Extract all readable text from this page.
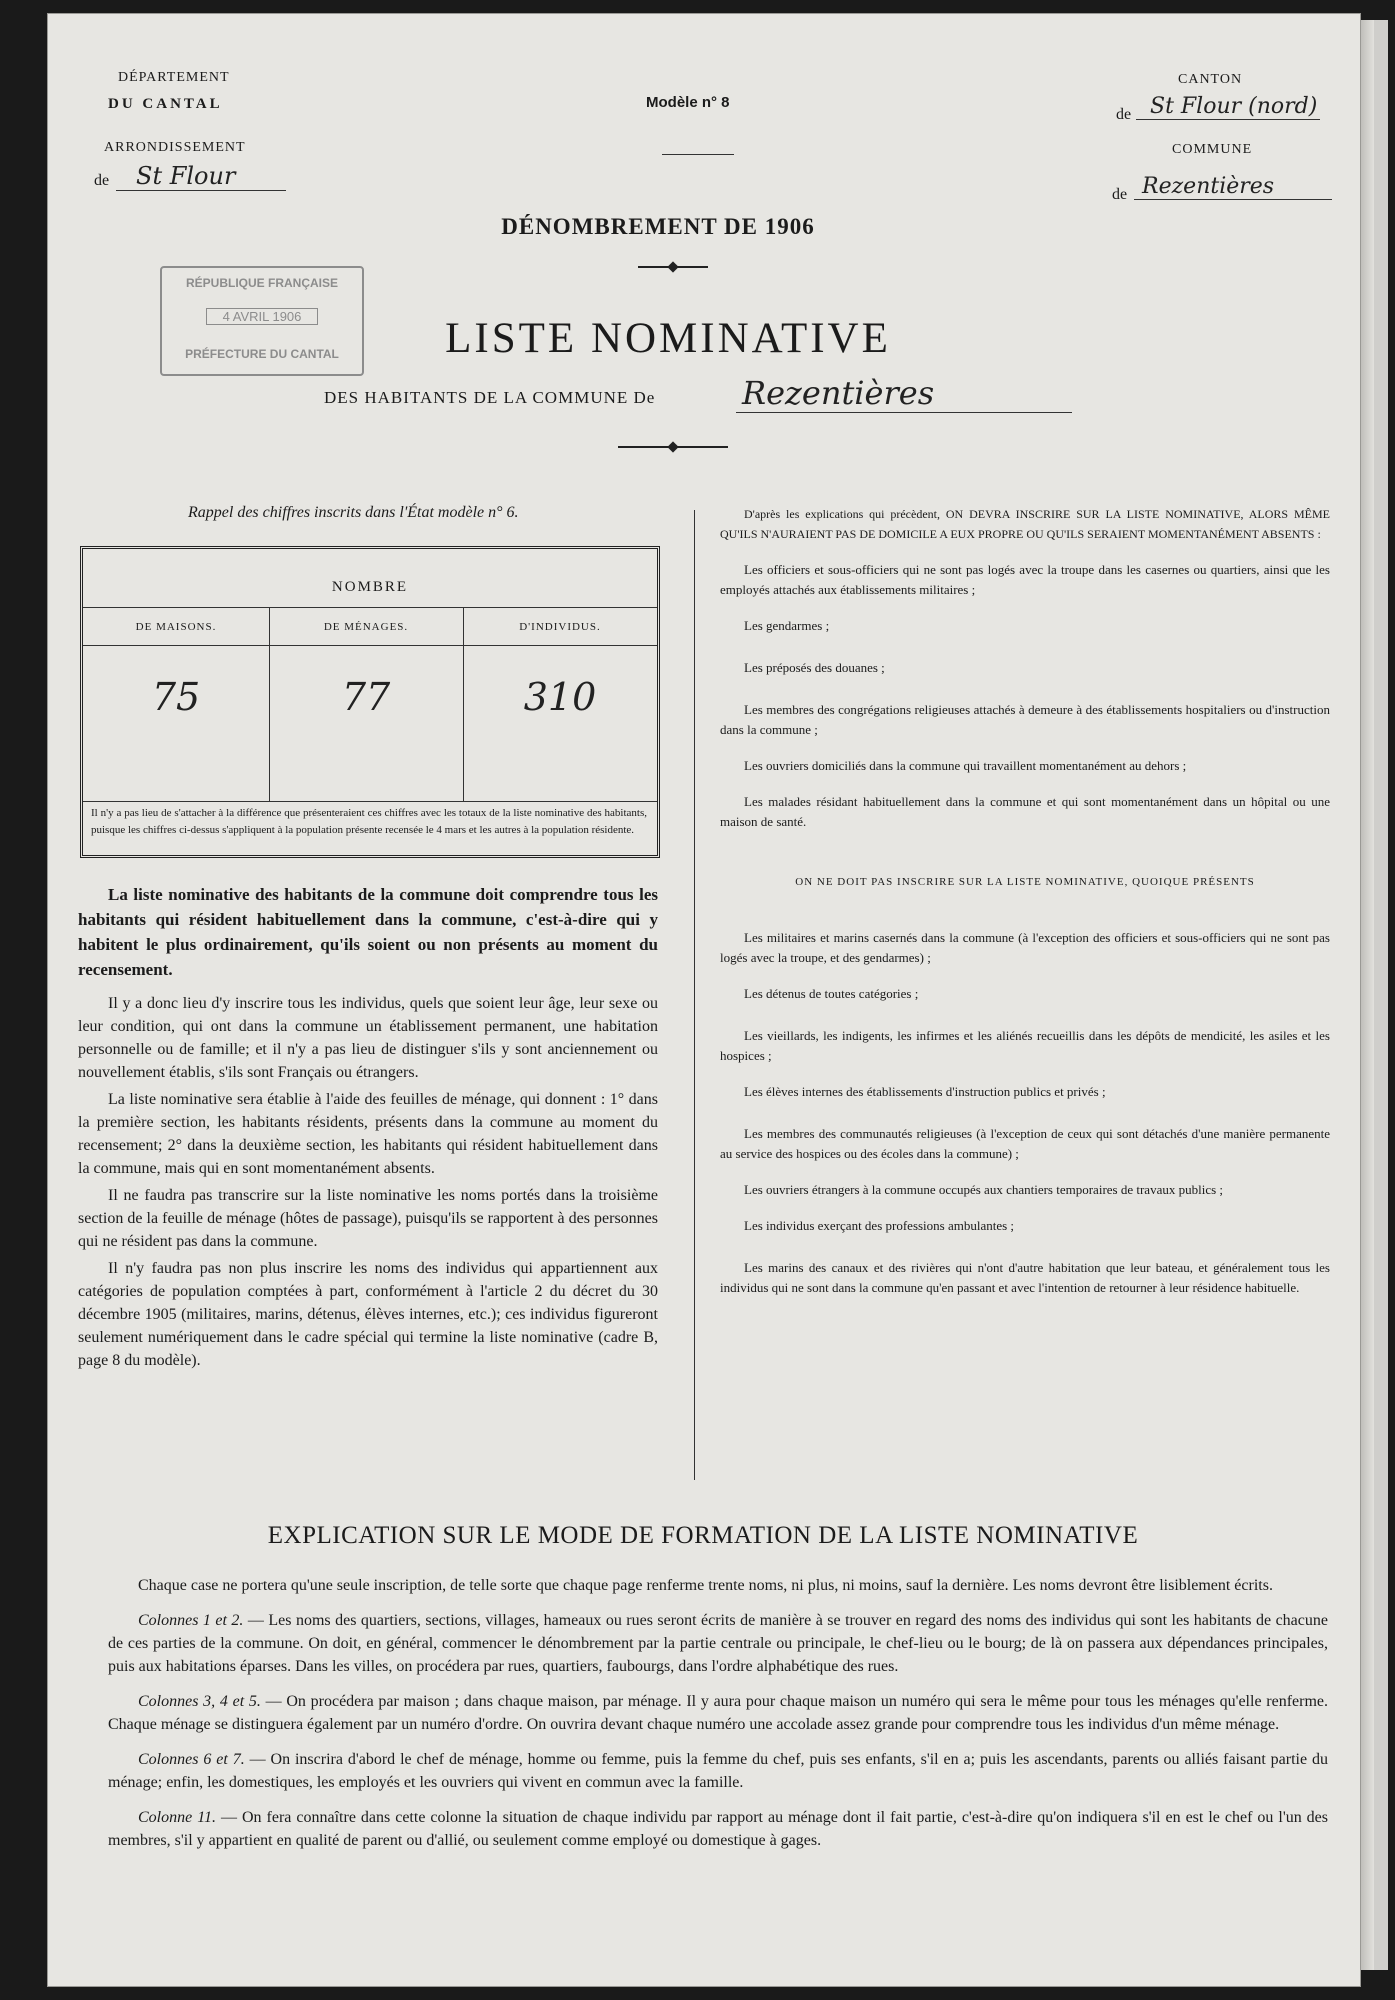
DÉPARTEMENT
DU CANTAL
ARRONDISSEMENT
de	St Flour
Modèle n° 8
CANTON
de St Flour (nord)
COMMUNE
de Rezentières
DÉNOMBREMENT DE 1906
RÉPUBLIQUE FRANÇAISE
4 AVRIL 1906
PRÉFECTURE DU CANTAL	LISTE NOMINATIVE
DES HABITANTS DE LA COMMUNE De	Rezentières
Rappel des chiffres inscrits dans l'État modèle n° 6.
NOMBRE
DE MAISONS.	DE MÉNAGES.	D'INDIVIDUS.
75	77	310
Il n'y a pas lieu de s'attacher à la différence que présenteraient ces chiffres avec les totaux de la liste nominative des habitants, puisque les chiffres ci-dessus s'appliquent à la population présente recensée le 4 mars et les autres à la population résidente.

La liste nominative des habitants de la commune doit comprendre tous les habitants qui résident habituellement dans la commune, c'est-à-dire qui y habitent le plus ordinairement, qu'ils soient ou non présents au moment du recensement.

Il y a donc lieu d'y inscrire tous les individus, quels que soient leur âge, leur sexe ou leur condition, qui ont dans la commune un établissement permanent, une habitation personnelle ou de famille; et il n'y a pas lieu de distinguer s'ils y sont anciennement ou nouvellement établis, s'ils sont Français ou étrangers.

La liste nominative sera établie à l'aide des feuilles de ménage, qui donnent : 1° dans la première section, les habitants résidents, présents dans la commune au moment du recensement; 2° dans la deuxième section, les habitants qui résident habituellement dans la commune, mais qui en sont momentanément absents.

Il ne faudra pas transcrire sur la liste nominative les noms portés dans la troisième section de la feuille de ménage (hôtes de passage), puisqu'ils se rapportent à des personnes qui ne résident pas dans la commune.

Il n'y faudra pas non plus inscrire les noms des individus qui appartiennent aux catégories de population comptées à part, conformément à l'article 2 du décret du 30 décembre 1905 (militaires, marins, détenus, élèves internes, etc.); ces individus figureront seulement numériquement dans le cadre spécial qui termine la liste nominative (cadre B, page 8 du modèle).

D'après les explications qui précèdent, ON DEVRA INSCRIRE SUR LA LISTE NOMINATIVE, ALORS MÊME QU'ILS N'AURAIENT PAS DE DOMICILE A EUX PROPRE OU QU'ILS SERAIENT MOMENTANÉMENT ABSENTS :

Les officiers et sous-officiers qui ne sont pas logés avec la troupe dans les casernes ou quartiers, ainsi que les employés attachés aux établissements militaires ;

Les gendarmes ;

Les préposés des douanes ;

Les membres des congrégations religieuses attachés à demeure à des établissements hospitaliers ou d'instruction dans la commune ;

Les ouvriers domiciliés dans la commune qui travaillent momentanément au dehors ;

Les malades résidant habituellement dans la commune et qui sont momentanément dans un hôpital ou une maison de santé.

ON NE DOIT PAS INSCRIRE SUR LA LISTE NOMINATIVE, QUOIQUE PRÉSENTS

Les militaires et marins casernés dans la commune (à l'exception des officiers et sous-officiers qui ne sont pas logés avec la troupe, et des gendarmes) ;

Les détenus de toutes catégories ;

Les vieillards, les indigents, les infirmes et les aliénés recueillis dans les dépôts de mendicité, les asiles et les hospices ;

Les élèves internes des établissements d'instruction publics et privés ;

Les membres des communautés religieuses (à l'exception de ceux qui sont détachés d'une manière permanente au service des hospices ou des écoles dans la commune) ;

Les ouvriers étrangers à la commune occupés aux chantiers temporaires de travaux publics ;

Les individus exerçant des professions ambulantes ;

Les marins des canaux et des rivières qui n'ont d'autre habitation que leur bateau, et généralement tous les individus qui ne sont dans la commune qu'en passant et avec l'intention de retourner à leur résidence habituelle.

EXPLICATION SUR LE MODE DE FORMATION DE LA LISTE NOMINATIVE

Chaque case ne portera qu'une seule inscription, de telle sorte que chaque page renferme trente noms, ni plus, ni moins, sauf la dernière. Les noms devront être lisiblement écrits.

Colonnes 1 et 2. — Les noms des quartiers, sections, villages, hameaux ou rues seront écrits de manière à se trouver en regard des noms des individus qui sont les habitants de chacune de ces parties de la commune. On doit, en général, commencer le dénombrement par la partie centrale ou principale, le chef-lieu ou le bourg; de là on passera aux dépendances principales, puis aux habitations éparses. Dans les villes, on procédera par rues, quartiers, faubourgs, dans l'ordre alphabétique des rues.

Colonnes 3, 4 et 5. — On procédera par maison ; dans chaque maison, par ménage. Il y aura pour chaque maison un numéro qui sera le même pour tous les ménages qu'elle renferme. Chaque ménage se distinguera également par un numéro d'ordre. On ouvrira devant chaque numéro une accolade assez grande pour comprendre tous les individus d'un même ménage.

Colonnes 6 et 7. — On inscrira d'abord le chef de ménage, homme ou femme, puis la femme du chef, puis ses enfants, s'il en a; puis les ascendants, parents ou alliés faisant partie du ménage; enfin, les domestiques, les employés et les ouvriers qui vivent en commun avec la famille.

Colonne 11. — On fera connaître dans cette colonne la situation de chaque individu par rapport au ménage dont il fait partie, c'est-à-dire qu'on indiquera s'il en est le chef ou l'un des membres, s'il y appartient en qualité de parent ou d'allié, ou seulement comme employé ou domestique à gages.
